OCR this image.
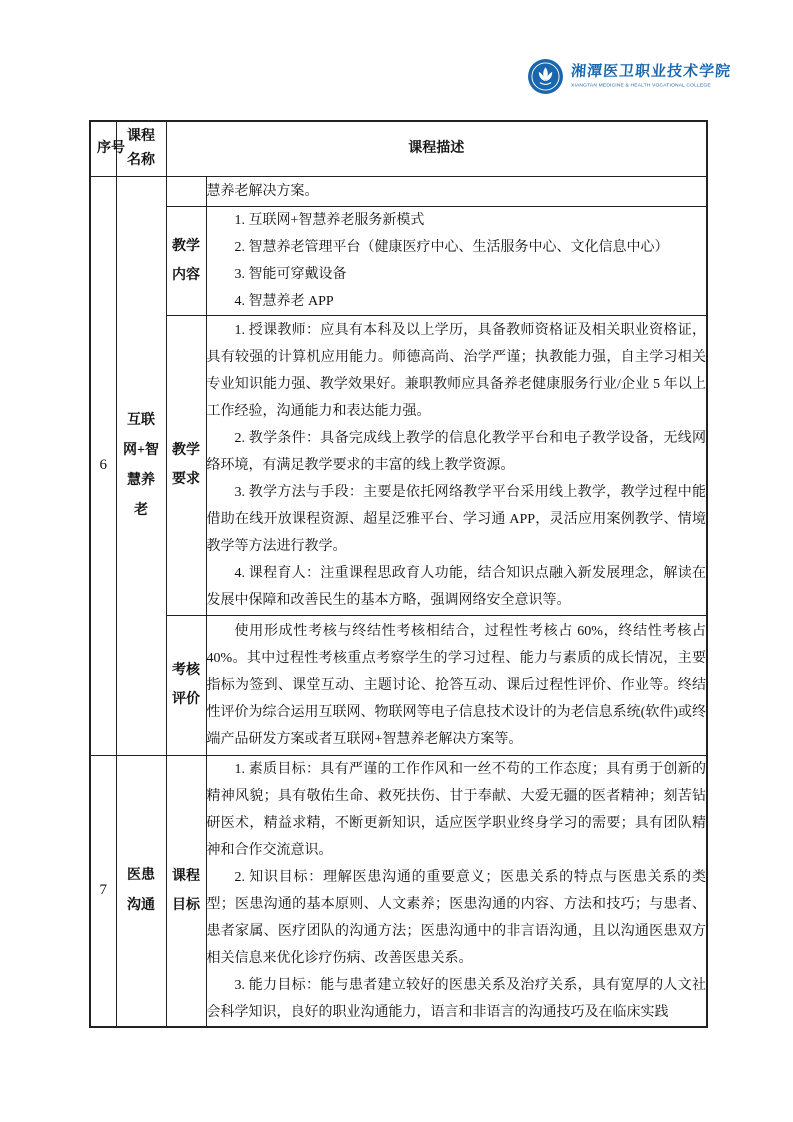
湘潭医卫职业技术学院
XIANGTAN MEDICINE & HEALTH VOCATIONAL COLLEGE
序号	课程名称	课程描述	
6	互联网+智慧养老		慧养老解决方案。

		教学内容	1. 互联网+智慧养老服务新模式

2. 智慧养老管理平台（健康医疗中心、生活服务中心、文化信息中心）

3. 智能可穿戴设备

4. 智慧养老 APP

		教学要求	1. 授课教师：应具有本科及以上学历，具备教师资格证及相关职业资格证，具有较强的计算机应用能力。师德高尚、治学严谨；执教能力强，自主学习相关专业知识能力强、教学效果好。兼职教师应具备养老健康服务行业/企业 5 年以上工作经验，沟通能力和表达能力强。

2. 教学条件：具备完成线上教学的信息化教学平台和电子教学设备，无线网络环境，有满足教学要求的丰富的线上教学资源。

3. 教学方法与手段：主要是依托网络教学平台采用线上教学，教学过程中能借助在线开放课程资源、超星泛雅平台、学习通 APP，灵活应用案例教学、情境教学等方法进行教学。

4. 课程育人：注重课程思政育人功能，结合知识点融入新发展理念，解读在发展中保障和改善民生的基本方略，强调网络安全意识等。

		考核评价	使用形成性考核与终结性考核相结合，过程性考核占 60%，终结性考核占 40%。其中过程性考核重点考察学生的学习过程、能力与素质的成长情况，主要指标为签到、课堂互动、主题讨论、抢答互动、课后过程性评价、作业等。终结性评价为综合运用互联网、物联网等电子信息技术设计的为老信息系统(软件)或终端产品研发方案或者互联网+智慧养老解决方案等。

7	医患沟通	课程目标	1. 素质目标：具有严谨的工作作风和一丝不苟的工作态度；具有勇于创新的精神风貌；具有敬佑生命、救死扶伤、甘于奉献、大爱无疆的医者精神；刻苦钻研医术，精益求精，不断更新知识，适应医学职业终身学习的需要；具有团队精神和合作交流意识。

2. 知识目标：理解医患沟通的重要意义；医患关系的特点与医患关系的类型；医患沟通的基本原则、人文素养；医患沟通的内容、方法和技巧；与患者、患者家属、医疗团队的沟通方法；医患沟通中的非言语沟通，且以沟通医患双方相关信息来优化诊疗伤病、改善医患关系。

3. 能力目标：能与患者建立较好的医患关系及治疗关系，具有宽厚的人文社会科学知识，良好的职业沟通能力，语言和非语言的沟通技巧及在临床实践
